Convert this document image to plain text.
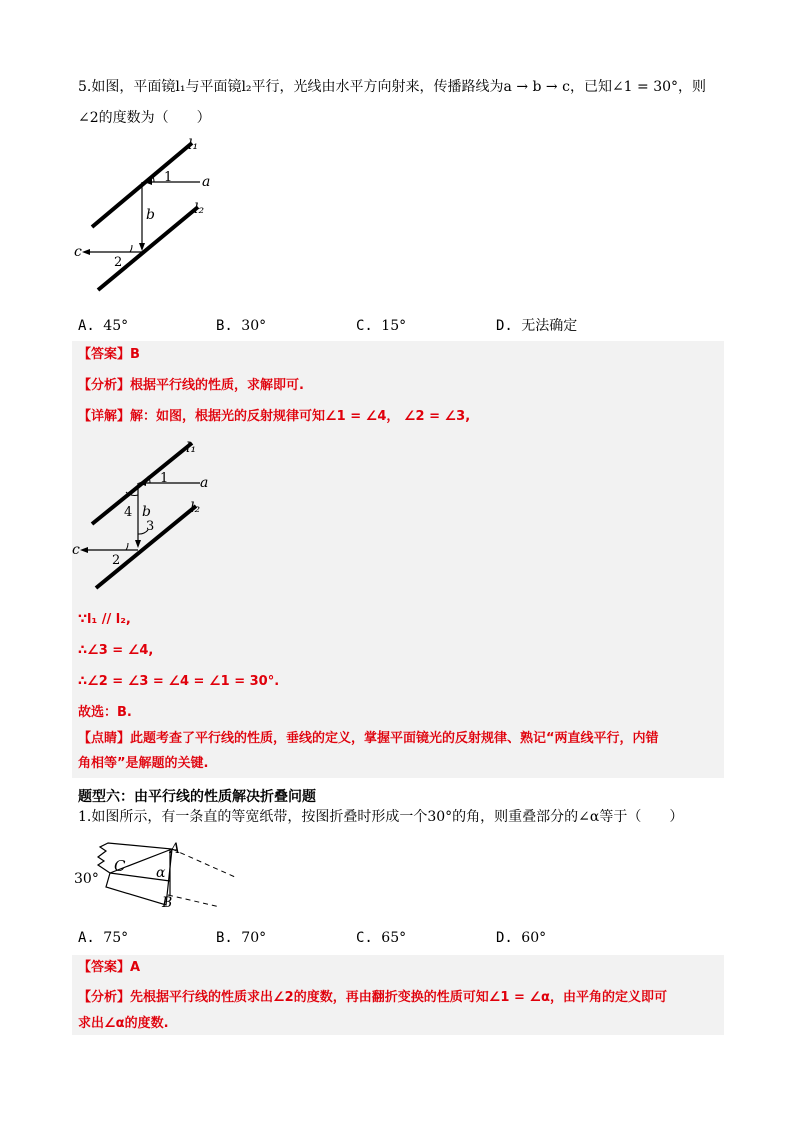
5.如图，平面镜l₁与平面镜l₂平行，光线由水平方向射来，传播路线为a → b → c，已知∠1 = 30°，则
∠2的度数为（　　）
l₁
a
1
b	l₂
c
2
A. 45°	B. 30°	C. 15°	D. 无法确定
【答案】B
【分析】根据平行线的性质，求解即可.
【详解】解：如图，根据光的反射规律可知∠1 = ∠4， ∠2 = ∠3,
l₁
a
1
4 b
3
l₂
c
2
∵l₁ // l₂,
∴∠3 = ∠4,
∴∠2 = ∠3 = ∠4 = ∠1 = 30°.
故选：B.
【点睛】此题考查了平行线的性质，垂线的定义，掌握平面镜光的反射规律、熟记“两直线平行，内错
角相等”是解题的关键.
题型六：由平行线的性质解决折叠问题
1.如图所示，有一条直的等宽纸带，按图折叠时形成一个30°的角，则重叠部分的∠α等于（　　）
30°
C
A
α
B
A. 75°	B. 70°	C. 65°	D. 60°
【答案】A
【分析】先根据平行线的性质求出∠2的度数，再由翻折变换的性质可知∠1 = ∠α，由平角的定义即可
求出∠α的度数.
